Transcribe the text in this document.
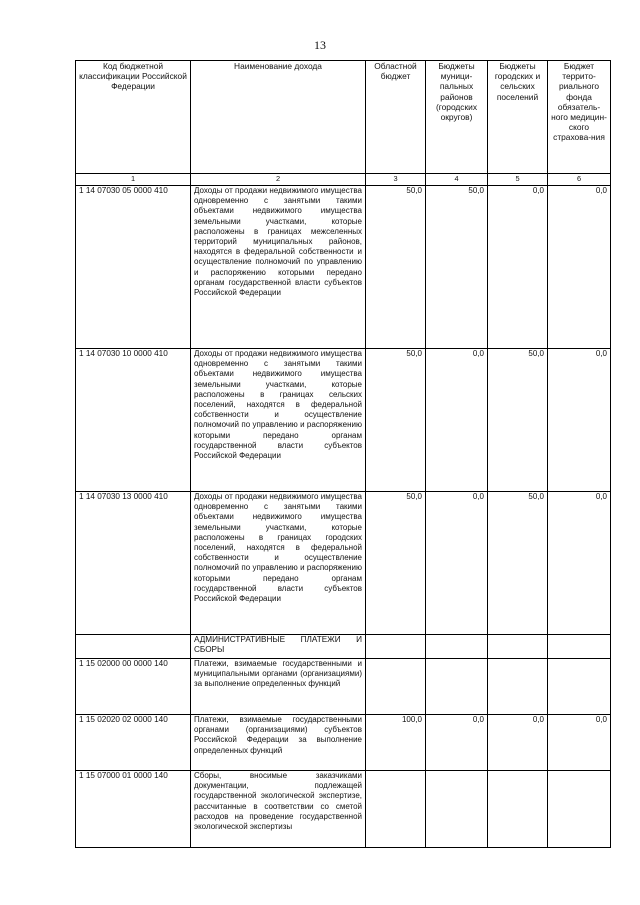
13
Код бюджетной классификации Российской Федерации	Наименование дохода	Областной бюджет	Бюджеты муници-пальных районов (городских округов)	Бюджеты городских и сельских поселений	Бюджет террито-риального фонда обязатель-ного медицин-ского страхова-ния
1	2	3	4	5	6
1 14 07030 05 0000 410	Доходы от продажи недвижимого имущества одновременно с занятыми такими объектами недвижимого имущества земельными участками, которые расположены в границах межселенных территорий муниципальных районов, находятся в федеральной собственности и осуществление полномочий по управлению и распоряжению которыми передано органам государственной власти субъектов Российской Федерации	50,0	50,0	0,0	0,0
1 14 07030 10 0000 410	Доходы от продажи недвижимого имущества одновременно с занятыми такими объектами недвижимого имущества земельными участками, которые расположены в границах сельских поселений, находятся в федеральной собственности и осуществление полномочий по управлению и распоряжению которыми передано органам государственной власти субъектов Российской Федерации	50,0	0,0	50,0	0,0
1 14 07030 13 0000 410	Доходы от продажи недвижимого имущества одновременно с занятыми такими объектами недвижимого имущества земельными участками, которые расположены в границах городских поселений, находятся в федеральной собственности и осуществление полномочий по управлению и распоряжению которыми передано органам государственной власти субъектов Российской Федерации	50,0	0,0	50,0	0,0
	АДМИНИСТРАТИВНЫЕ ПЛАТЕЖИ И СБОРЫ				
1 15 02000 00 0000 140	Платежи, взимаемые государственными и муниципальными органами (организациями) за выполнение определенных функций				
1 15 02020 02 0000 140	Платежи, взимаемые государственными органами (организациями) субъектов Российской Федерации за выполнение определенных функций	100,0	0,0	0,0	0,0
1 15 07000 01 0000 140	Сборы, вносимые заказчиками документации, подлежащей государственной экологической экспертизе, рассчитанные в соответствии со сметой расходов на проведение государственной экологической экспертизы				
